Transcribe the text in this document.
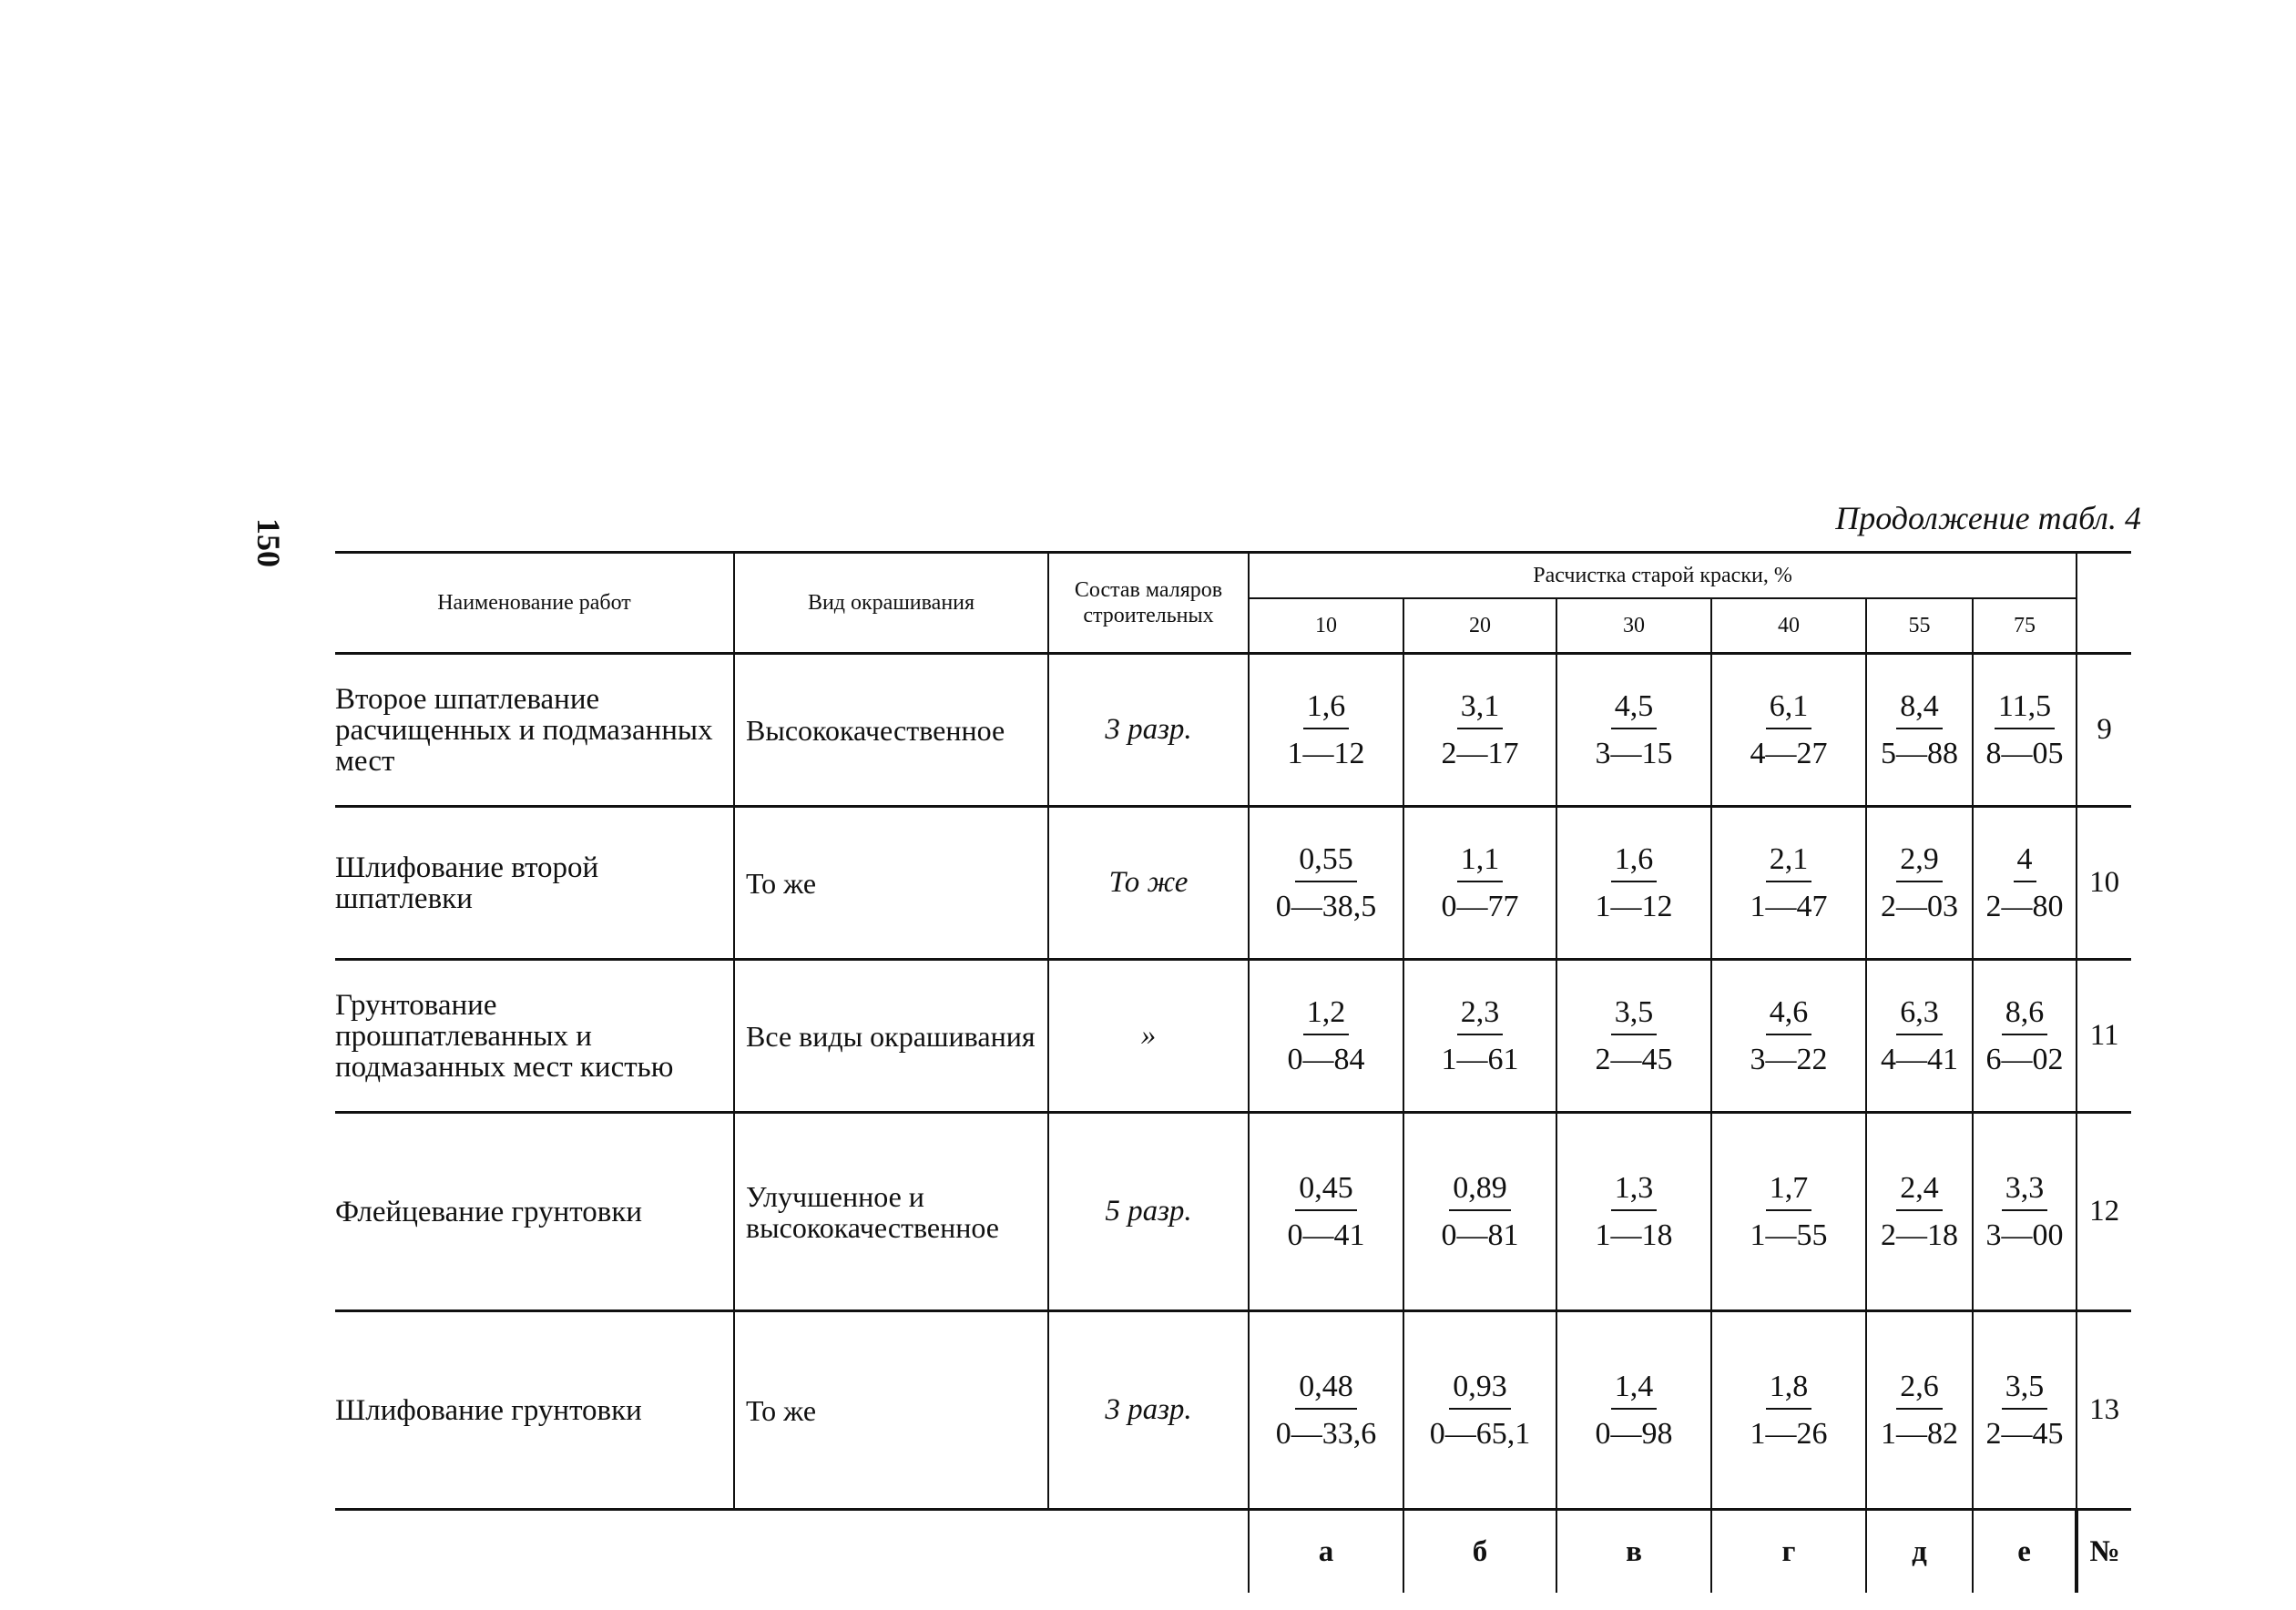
150	Продолжение табл. 4
Наименование работ	Вид окрашивания	Состав маляров строительных	Расчистка старой краски, %						
			10	20	30	40	55	75	
Второе шпатлевание расчищенных и подмазанных мест	Высококачественное	3 разр.	$\frac{1,6}{1—12}$	$\frac{3,1}{2—17}$	$\frac{4,5}{3—15}$	$\frac{6,1}{4—27}$	$\frac{8,4}{5—88}$	$\frac{11,5}{8—05}$	9
Шлифование второй шпатлевки	То же	То же	$\frac{0,55}{0—38,5}$	$\frac{1,1}{0—77}$	$\frac{1,6}{1—12}$	$\frac{2,1}{1—47}$	$\frac{2,9}{2—03}$	$\frac{4}{2—80}$	10
Грунтование прошпатлеванных и подмазанных мест кистью	Все виды окрашивания	»	$\frac{1,2}{0—84}$	$\frac{2,3}{1—61}$	$\frac{3,5}{2—45}$	$\frac{4,6}{3—22}$	$\frac{6,3}{4—41}$	$\frac{8,6}{6—02}$	11
Флейцевание грунтовки	Улучшенное и высококачественное	5 разр.	$\frac{0,45}{0—41}$	$\frac{0,89}{0—81}$	$\frac{1,3}{1—18}$	$\frac{1,7}{1—55}$	$\frac{2,4}{2—18}$	$\frac{3,3}{3—00}$	12
Шлифование грунтовки	То же	3 разр.	$\frac{0,48}{0—33,6}$	$\frac{0,93}{0—65,1}$	$\frac{1,4}{0—98}$	$\frac{1,8}{1—26}$	$\frac{2,6}{1—82}$	$\frac{3,5}{2—45}$	13
			а	б	в	г	д	е	№
